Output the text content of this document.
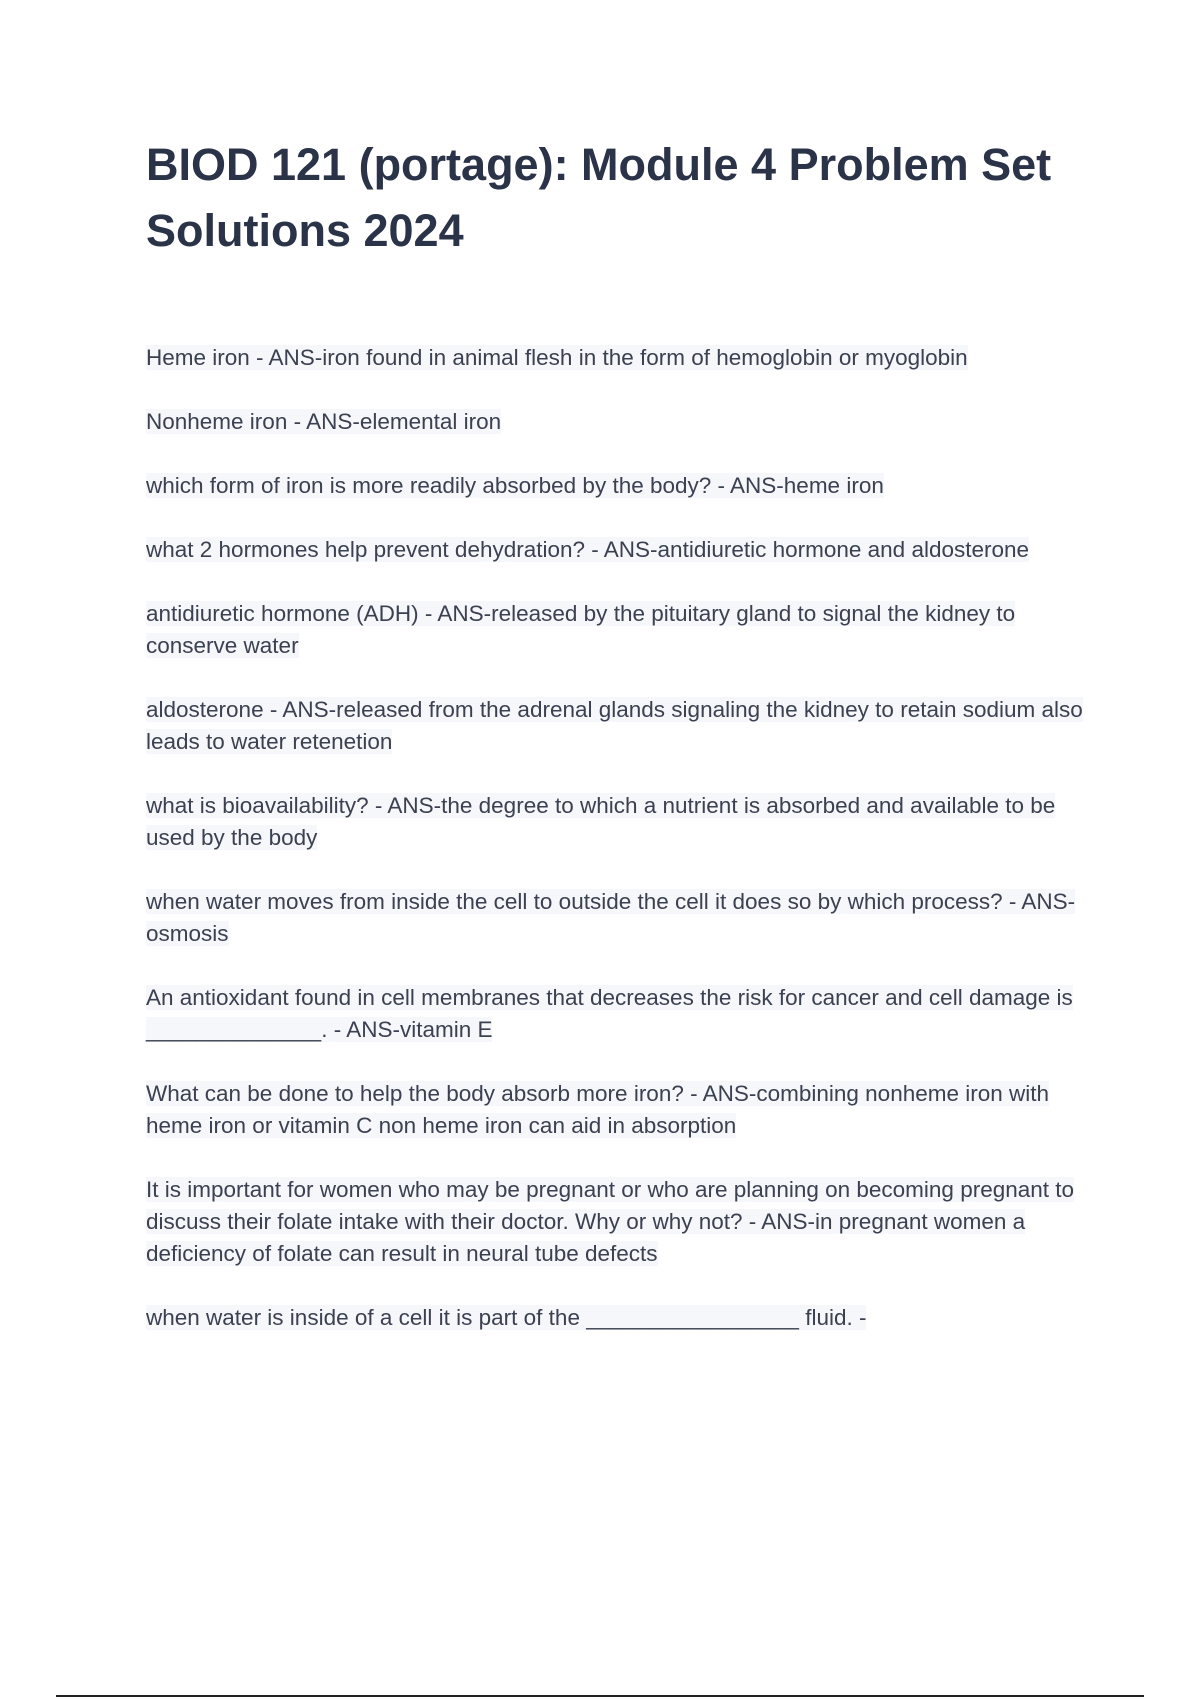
BIOD 121 (portage): Module 4 Problem Set Solutions 2024

Heme iron - ANS-iron found in animal flesh in the form of hemoglobin or myoglobin

Nonheme iron - ANS-elemental iron

which form of iron is more readily absorbed by the body? - ANS-heme iron

what 2 hormones help prevent dehydration? - ANS-antidiuretic hormone and aldosterone

antidiuretic hormone (ADH) - ANS-released by the pituitary gland to signal the kidney to conserve water

aldosterone - ANS-released from the adrenal glands signaling the kidney to retain sodium also leads to water retenetion

what is bioavailability? - ANS-the degree to which a nutrient is absorbed and available to be used by the body

when water moves from inside the cell to outside the cell it does so by which process? - ANS-osmosis

An antioxidant found in cell membranes that decreases the risk for cancer and cell damage is ______________. - ANS-vitamin E

What can be done to help the body absorb more iron? - ANS-combining nonheme iron with heme iron or vitamin C non heme iron can aid in absorption

It is important for women who may be pregnant or who are planning on becoming pregnant to discuss their folate intake with their doctor. Why or why not? - ANS-in pregnant women a deficiency of folate can result in neural tube defects

when water is inside of a cell it is part of the _________________ fluid. -
